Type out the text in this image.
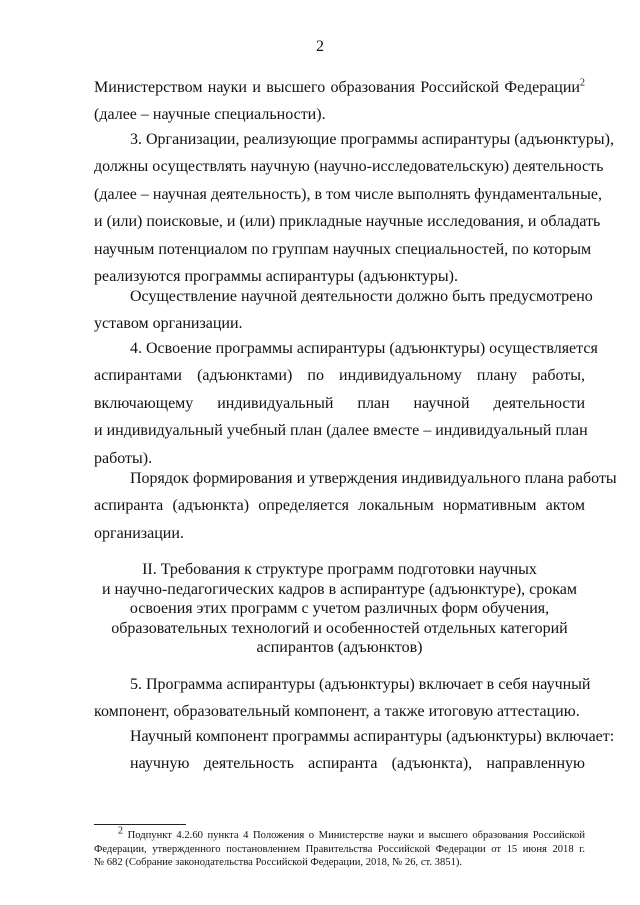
2
Министерством науки и высшего образования Российской Федерации$^2$
(далее – научные специальности).
3. Организации, реализующие программы аспирантуры (адъюнктуры),
должны осуществлять научную (научно-исследовательскую) деятельность
(далее – научная деятельность), в том числе выполнять фундаментальные,
и (или) поисковые, и (или) прикладные научные исследования, и обладать
научным потенциалом по группам научных специальностей, по которым
реализуются программы аспирантуры (адъюнктуры).
Осуществление научной деятельности должно быть предусмотрено
уставом организации.
4. Освоение программы аспирантуры (адъюнктуры) осуществляется
аспирантами (адъюнктами) по индивидуальному плану работы,
включающему индивидуальный план научной деятельности
и индивидуальный учебный план (далее вместе – индивидуальный план
работы).
Порядок формирования и утверждения индивидуального плана работы
аспиранта (адъюнкта) определяется локальным нормативным актом
организации.
II. Требования к структуре программ подготовки научных
и научно-педагогических кадров в аспирантуре (адъюнктуре), срокам
освоения этих программ с учетом различных форм обучения,
образовательных технологий и особенностей отдельных категорий
аспирантов (адъюнктов)
5. Программа аспирантуры (адъюнктуры) включает в себя научный
компонент, образовательный компонент, а также итоговую аттестацию.
Научный компонент программы аспирантуры (адъюнктуры) включает:
научную деятельность аспиранта (адъюнкта), направленную
$^2$ Подпункт 4.2.60 пункта 4 Положения о Министерстве науки и высшего образования Российской
Федерации, утвержденного постановлением Правительства Российской Федерации от 15 июня 2018 г.
№ 682 (Собрание законодательства Российской Федерации, 2018, № 26, ст. 3851).
